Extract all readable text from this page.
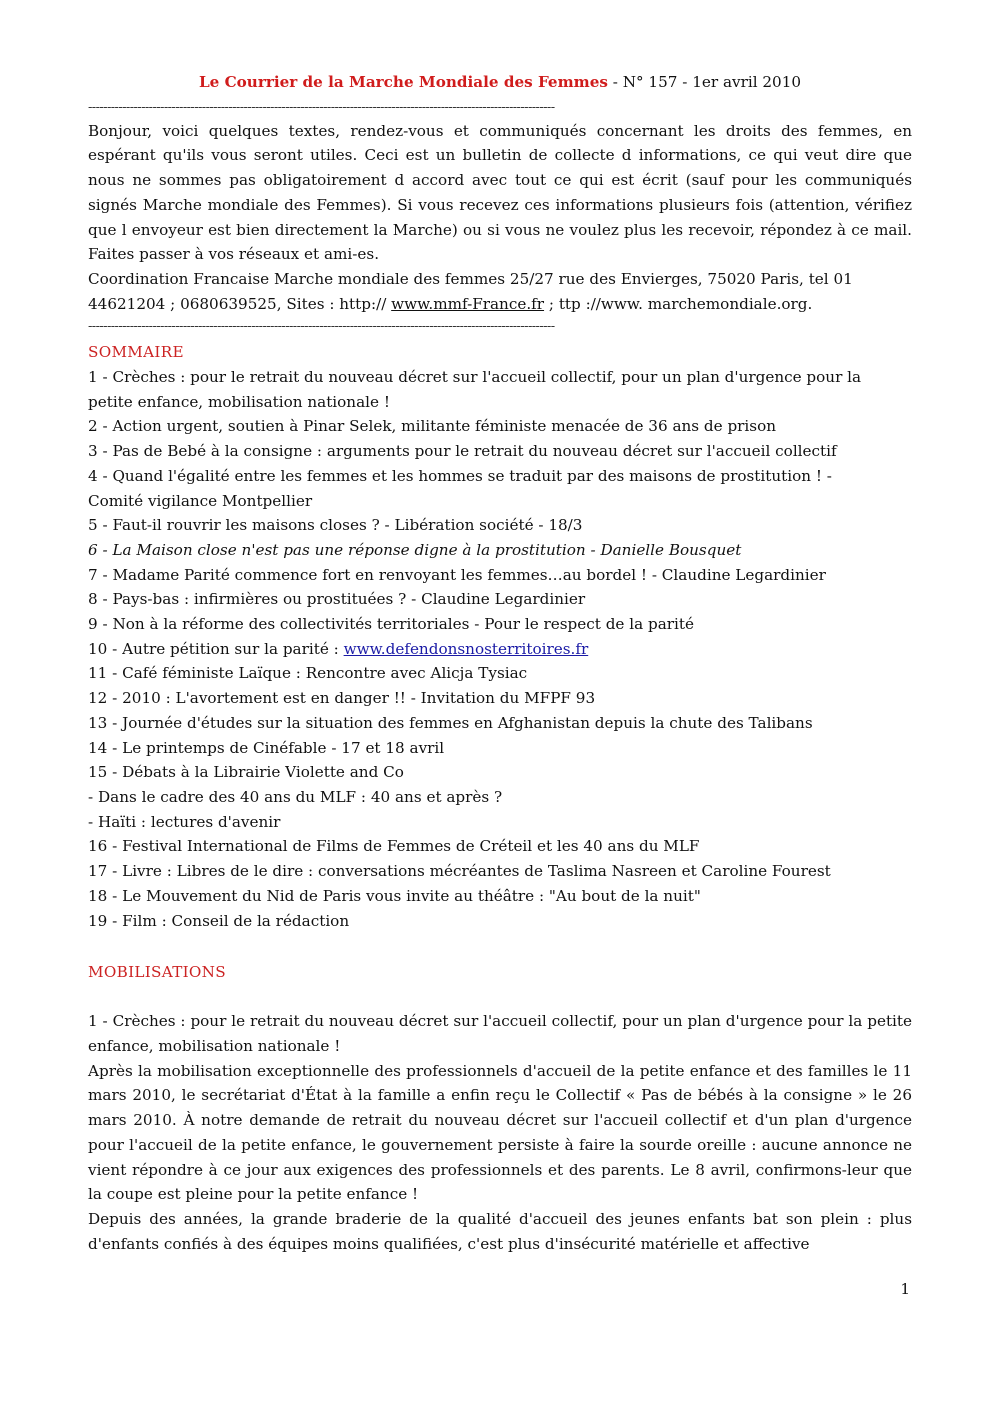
Le Courrier de la Marche Mondiale des Femmes - N° 157 - 1er avril 2010
---------------------------------------------------------------------------------------------------------------------------
Bonjour, voici quelques textes, rendez-vous et communiqués concernant les droits des femmes, en espérant qu'ils vous seront utiles. Ceci est un bulletin de collecte d informations, ce qui veut dire que nous ne sommes pas obligatoirement d accord avec tout ce qui est écrit (sauf pour les communiqués signés Marche mondiale des Femmes). Si vous recevez ces informations plusieurs fois (attention, vérifiez que l envoyeur est bien directement la Marche) ou si vous ne voulez plus les recevoir, répondez à ce mail. Faites passer à vos réseaux et ami-es.
Coordination Francaise Marche mondiale des femmes 25/27 rue des Envierges, 75020 Paris, tel 01
44621204 ; 0680639525, Sites : http:// www.mmf-France.fr ; ttp ://www. marchemondiale.org.
---------------------------------------------------------------------------------------------------------------------------
SOMMAIRE
1 - Crèches : pour le retrait du nouveau décret sur l'accueil collectif, pour un plan d'urgence pour la
petite enfance, mobilisation nationale !
2 - Action urgent, soutien à Pinar Selek, militante féministe menacée de 36 ans de prison
3 - Pas de Bebé à la consigne : arguments pour le retrait du nouveau décret sur l'accueil collectif
4 - Quand l'égalité entre les femmes et les hommes se traduit par des maisons de prostitution ! -
Comité vigilance Montpellier
5 - Faut-il rouvrir les maisons closes ? - Libération société - 18/3
6 - La Maison close n'est pas une réponse digne à la prostitution - Danielle Bousquet
7 - Madame Parité commence fort en renvoyant les femmes…au bordel ! - Claudine Legardinier
8 - Pays-bas : infirmières ou prostituées ? - Claudine Legardinier
9 - Non à la réforme des collectivités territoriales - Pour le respect de la parité
10 - Autre pétition sur la parité : www.defendonsnosterritoires.fr
11 - Café féministe Laïque : Rencontre avec Alicja Tysiac
12 - 2010 : L'avortement est en danger !! - Invitation du MFPF 93
13 - Journée d'études sur la situation des femmes en Afghanistan depuis la chute des Talibans
14 - Le printemps de Cinéfable - 17 et 18 avril
15 - Débats à la Librairie Violette and Co
- Dans le cadre des 40 ans du MLF : 40 ans et après ?
- Haïti : lectures d'avenir
16 - Festival International de Films de Femmes de Créteil et les 40 ans du MLF
17 - Livre : Libres de le dire : conversations mécréantes de Taslima Nasreen et Caroline Fourest
18 - Le Mouvement du Nid de Paris vous invite au théâtre : "Au bout de la nuit"
19 - Film : Conseil de la rédaction
MOBILISATIONS
1 - Crèches : pour le retrait du nouveau décret sur l'accueil collectif, pour un plan d'urgence pour la petite enfance, mobilisation nationale !
Après la mobilisation exceptionnelle des professionnels d'accueil de la petite enfance et des familles le 11 mars 2010, le secrétariat d'État à la famille a enfin reçu le Collectif « Pas de bébés à la consigne » le 26 mars 2010. À notre demande de retrait du nouveau décret sur l'accueil collectif et d'un plan d'urgence pour l'accueil de la petite enfance, le gouvernement persiste à faire la sourde oreille : aucune annonce ne vient répondre à ce jour aux exigences des professionnels et des parents. Le 8 avril, confirmons-leur que la coupe est pleine pour la petite enfance !
Depuis des années, la grande braderie de la qualité d'accueil des jeunes enfants bat son plein : plus d'enfants confiés à des équipes moins qualifiées, c'est plus d'insécurité matérielle et affective
1
